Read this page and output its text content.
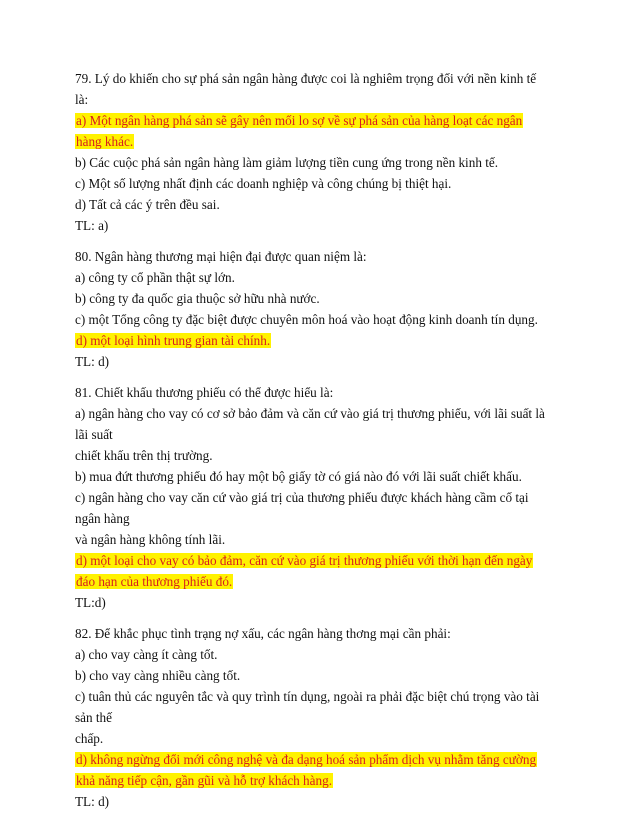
79. Lý do khiến cho sự phá sản ngân hàng được coi là nghiêm trọng đối với nền kinh tế
là:
a) Một ngân hàng phá sản sẽ gây nên mối lo sợ về sự phá sản của hàng loạt các ngân
hàng khác.
b) Các cuộc phá sản ngân hàng làm giảm lượng tiền cung ứng trong nền kinh tế.
c) Một số lượng nhất định các doanh nghiệp và công chúng bị thiệt hại.
d) Tất cả các ý trên đều sai.
TL: a)
80. Ngân hàng thương mại hiện đại được quan niệm là:
a) công ty cổ phần thật sự lớn.
b) công ty đa quốc gia thuộc sở hữu nhà nước.
c) một Tổng công ty đặc biệt được chuyên môn hoá vào hoạt động kinh doanh tín dụng.
d) một loại hình trung gian tài chính.
TL: d)
81. Chiết khấu thương phiếu có thể được hiểu là:
a) ngân hàng cho vay có cơ sở bảo đảm và căn cứ vào giá trị thương phiếu, với lãi suất là
lãi suất
chiết khấu trên thị trường.
b) mua đứt thương phiếu đó hay một bộ giấy tờ có giá nào đó với lãi suất chiết khấu.
c) ngân hàng cho vay căn cứ vào giá trị của thương phiếu được khách hàng cầm cố tại
ngân hàng
và ngân hàng không tính lãi.
d) một loại cho vay có bảo đảm, căn cứ vào giá trị thương phiếu với thời hạn đến ngày
đáo hạn của thương phiếu đó.
TL:d)
82. Để khắc phục tình trạng nợ xấu, các ngân hàng thơng mại cần phải:
a) cho vay càng ít càng tốt.
b) cho vay càng nhiều càng tốt.
c) tuân thủ các nguyên tắc và quy trình tín dụng, ngoài ra phải đặc biệt chú trọng vào tài
sản thế
chấp.
d) không ngừng đổi mới công nghệ và đa dạng hoá sản phẩm dịch vụ nhằm tăng cường
khả năng tiếp cận, gần gũi và hỗ trợ khách hàng.
TL: d)
